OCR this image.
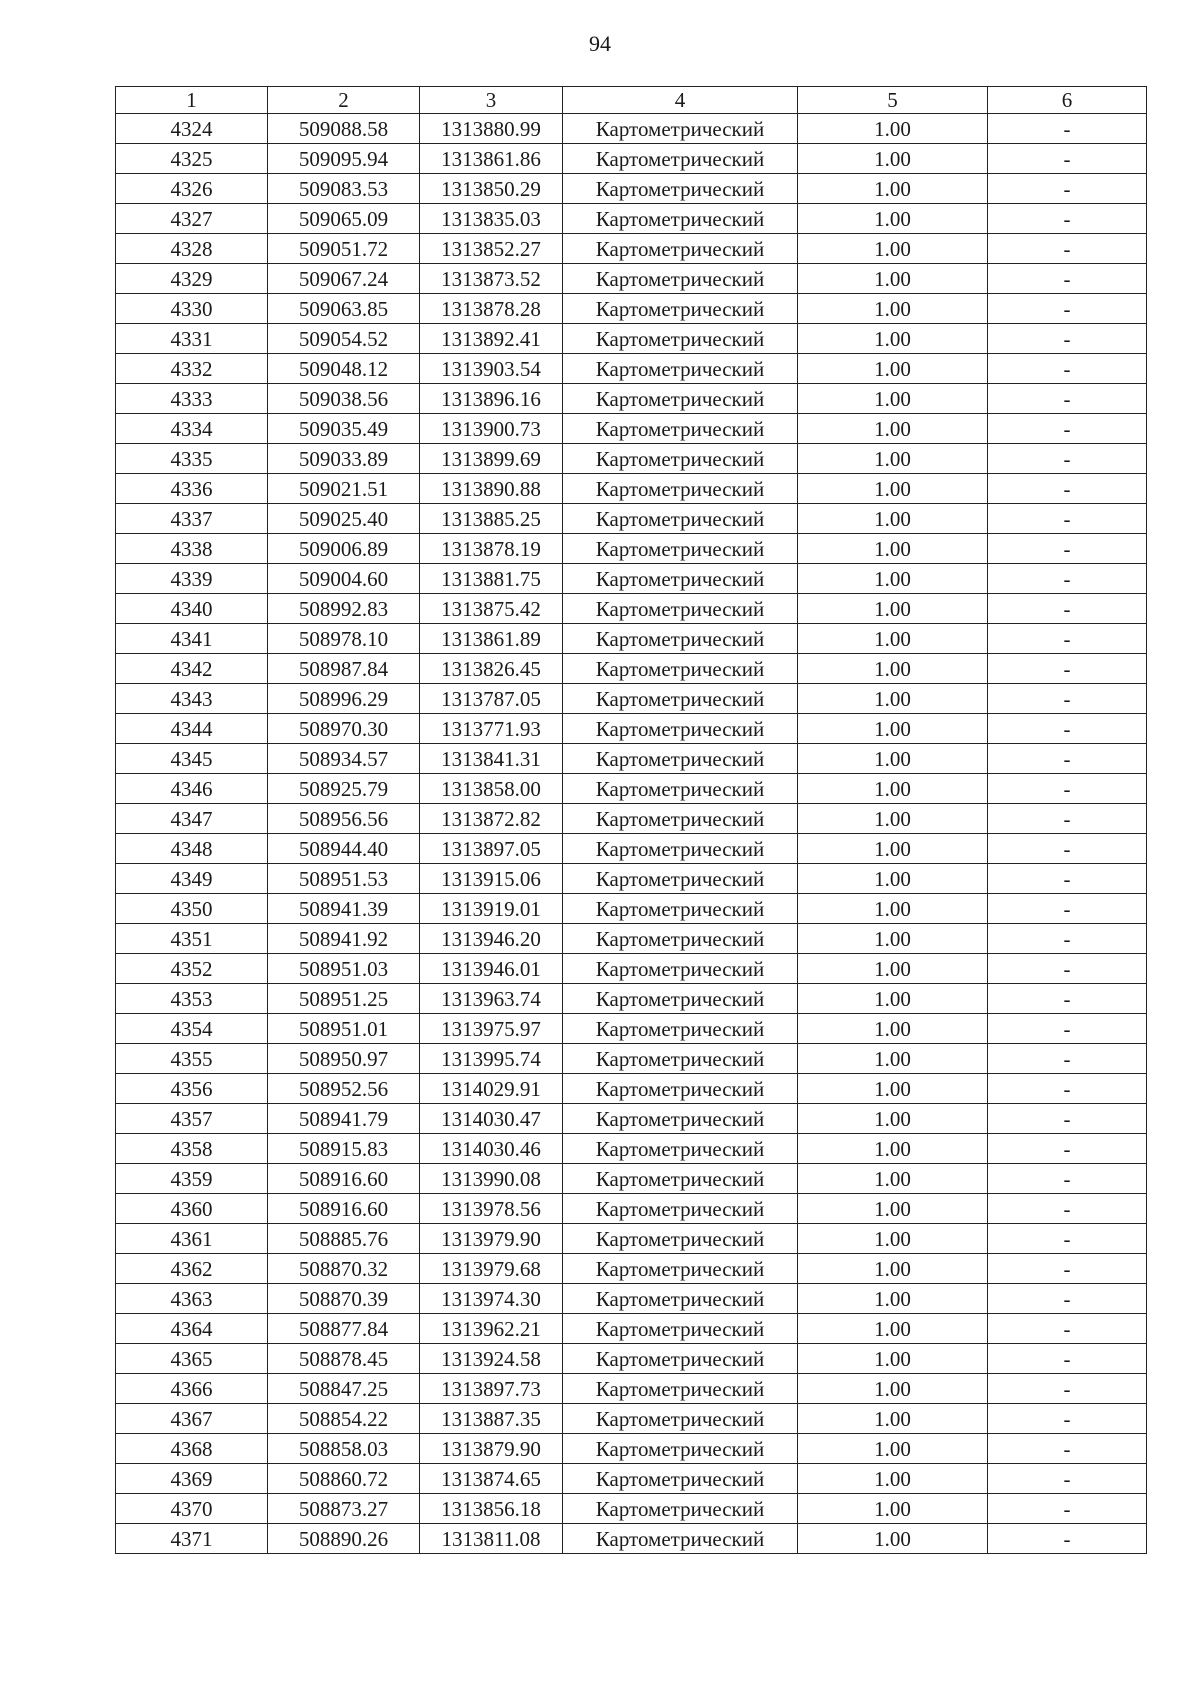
94
1	2	3	4	5	6
4324	509088.58	1313880.99	Картометрический	1.00	-
4325	509095.94	1313861.86	Картометрический	1.00	-
4326	509083.53	1313850.29	Картометрический	1.00	-
4327	509065.09	1313835.03	Картометрический	1.00	-
4328	509051.72	1313852.27	Картометрический	1.00	-
4329	509067.24	1313873.52	Картометрический	1.00	-
4330	509063.85	1313878.28	Картометрический	1.00	-
4331	509054.52	1313892.41	Картометрический	1.00	-
4332	509048.12	1313903.54	Картометрический	1.00	-
4333	509038.56	1313896.16	Картометрический	1.00	-
4334	509035.49	1313900.73	Картометрический	1.00	-
4335	509033.89	1313899.69	Картометрический	1.00	-
4336	509021.51	1313890.88	Картометрический	1.00	-
4337	509025.40	1313885.25	Картометрический	1.00	-
4338	509006.89	1313878.19	Картометрический	1.00	-
4339	509004.60	1313881.75	Картометрический	1.00	-
4340	508992.83	1313875.42	Картометрический	1.00	-
4341	508978.10	1313861.89	Картометрический	1.00	-
4342	508987.84	1313826.45	Картометрический	1.00	-
4343	508996.29	1313787.05	Картометрический	1.00	-
4344	508970.30	1313771.93	Картометрический	1.00	-
4345	508934.57	1313841.31	Картометрический	1.00	-
4346	508925.79	1313858.00	Картометрический	1.00	-
4347	508956.56	1313872.82	Картометрический	1.00	-
4348	508944.40	1313897.05	Картометрический	1.00	-
4349	508951.53	1313915.06	Картометрический	1.00	-
4350	508941.39	1313919.01	Картометрический	1.00	-
4351	508941.92	1313946.20	Картометрический	1.00	-
4352	508951.03	1313946.01	Картометрический	1.00	-
4353	508951.25	1313963.74	Картометрический	1.00	-
4354	508951.01	1313975.97	Картометрический	1.00	-
4355	508950.97	1313995.74	Картометрический	1.00	-
4356	508952.56	1314029.91	Картометрический	1.00	-
4357	508941.79	1314030.47	Картометрический	1.00	-
4358	508915.83	1314030.46	Картометрический	1.00	-
4359	508916.60	1313990.08	Картометрический	1.00	-
4360	508916.60	1313978.56	Картометрический	1.00	-
4361	508885.76	1313979.90	Картометрический	1.00	-
4362	508870.32	1313979.68	Картометрический	1.00	-
4363	508870.39	1313974.30	Картометрический	1.00	-
4364	508877.84	1313962.21	Картометрический	1.00	-
4365	508878.45	1313924.58	Картометрический	1.00	-
4366	508847.25	1313897.73	Картометрический	1.00	-
4367	508854.22	1313887.35	Картометрический	1.00	-
4368	508858.03	1313879.90	Картометрический	1.00	-
4369	508860.72	1313874.65	Картометрический	1.00	-
4370	508873.27	1313856.18	Картометрический	1.00	-
4371	508890.26	1313811.08	Картометрический	1.00	-
